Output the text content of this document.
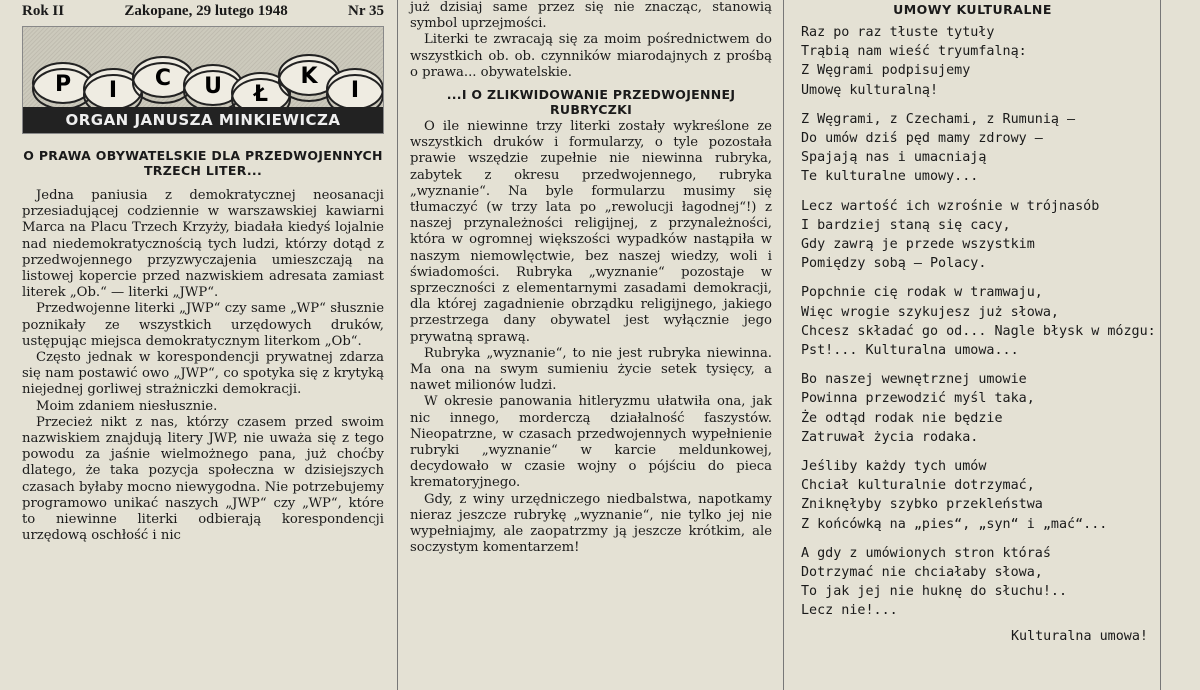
Rok II	Zakopane, 29 lutego 1948	Nr 35
P I C U Ł
K
I
ORGAN JANUSZA MINKIEWICZA
O PRAWA OBYWATELSKIE DLA PRZEDWOJENNYCH TRZECH LITER...

Jedna paniusia z demokratycznej neosanacji przesiadującej codziennie w warszawskiej kawiarni Marca na Placu Trzech Krzyży, biadała kiedyś lojalnie nad niedemokratycznością tych ludzi, którzy dotąd z przedwojennego przyzwyczajenia umieszczają na listowej kopercie przed nazwiskiem adresata zamiast literek „Ob.“ — literki „JWP“.

Przedwojenne literki „JWP“ czy same „WP“ słusznie poznikały ze wszystkich urzędowych druków, ustępując miejsca demokratycznym literkom „Ob“.

Często jednak w korespondencji prywatnej zdarza się nam postawić owo „JWP“, co spotyka się z krytyką niejednej gorliwej strażniczki demokracji.

Moim zdaniem niesłusznie.

Przecież nikt z nas, którzy czasem przed swoim nazwiskiem znajdują litery JWP, nie uważa się z tego powodu za jaśnie wielmożnego pana, już choćby dlatego, że taka pozycja społeczna w dzisiejszych czasach byłaby mocno niewygodna. Nie potrzebujemy programowo unikać naszych „JWP“ czy „WP“, które to niewinne literki odbierają korespondencji urzędową oschłość i nic

już dzisiaj same przez się nie znacząc, stanowią symbol uprzejmości.

Literki te zwracają się za moim pośrednictwem do wszystkich ob. ob. czynników miarodajnych z prośbą o prawa... obywatelskie.

...I O ZLIKWIDOWANIE PRZEDWOJENNEJ RUBRYCZKI

O ile niewinne trzy literki zostały wykreślone ze wszystkich druków i formularzy, o tyle pozostała prawie wszędzie zupełnie nie niewinna rubryka, zabytek z okresu przedwojennego, rubryka „wyznanie“. Na byle formularzu musimy się tłumaczyć (w trzy lata po „rewolucji łagodnej“!) z naszej przynależności religijnej, z przynależności, która w ogromnej większości wypadków nastąpiła w naszym niemowlęctwie, bez naszej wiedzy, woli i świadomości. Rubryka „wyznanie“ pozostaje w sprzeczności z elementarnymi zasadami demokracji, dla której zagadnienie obrządku religijnego, jakiego przestrzega dany obywatel jest wyłącznie jego prywatną sprawą.

Rubryka „wyznanie“, to nie jest rubryka niewinna. Ma ona na swym sumieniu życie setek tysięcy, a nawet milionów ludzi.

W okresie panowania hitleryzmu ułatwiła ona, jak nic innego, morderczą działalność faszystów. Nieopatrzne, w czasach przedwojennych wypełnienie rubryki „wyznanie“ w karcie meldunkowej, decydowało w czasie wojny o pójściu do pieca krematoryjnego.

Gdy, z winy urzędniczego niedbalstwa, napotkamy nieraz jeszcze rubrykę „wyznanie“, nie tylko jej nie wypełniajmy, ale zaopatrzmy ją jeszcze krótkim, ale soczystym komentarzem!

UMOWY KULTURALNE
Raz po raz tłuste tytuły
Trąbią nam wieść tryumfalną:
Z Węgrami podpisujemy
Umowę kulturalną!
Z Węgrami, z Czechami, z Rumunią —
Do umów dziś pęd mamy zdrowy —
Spajają nas i umacniają
Te kulturalne umowy...
Lecz wartość ich wzrośnie w trójnasób
I bardziej staną się cacy,
Gdy zawrą je przede wszystkim
Pomiędzy sobą — Polacy.
Popchnie cię rodak w tramwaju,
Więc wrogie szykujesz już słowa,
Chcesz składać go od... Nagle błysk w mózgu:
Pst!... Kulturalna umowa...
Bo naszej wewnętrznej umowie
Powinna przewodzić myśl taka,
Że odtąd rodak nie będzie
Zatruwał życia rodaka.
Jeśliby każdy tych umów
Chciał kulturalnie dotrzymać,
Zniknęłyby szybko przekleństwa
Z końcówką na „pies“, „syn“ i „mać“...
A gdy z umówionych stron któraś
Dotrzymać nie chciałaby słowa,
To jak jej nie huknę do słuchu!..
Lecz nie!...
Kulturalna umowa!
